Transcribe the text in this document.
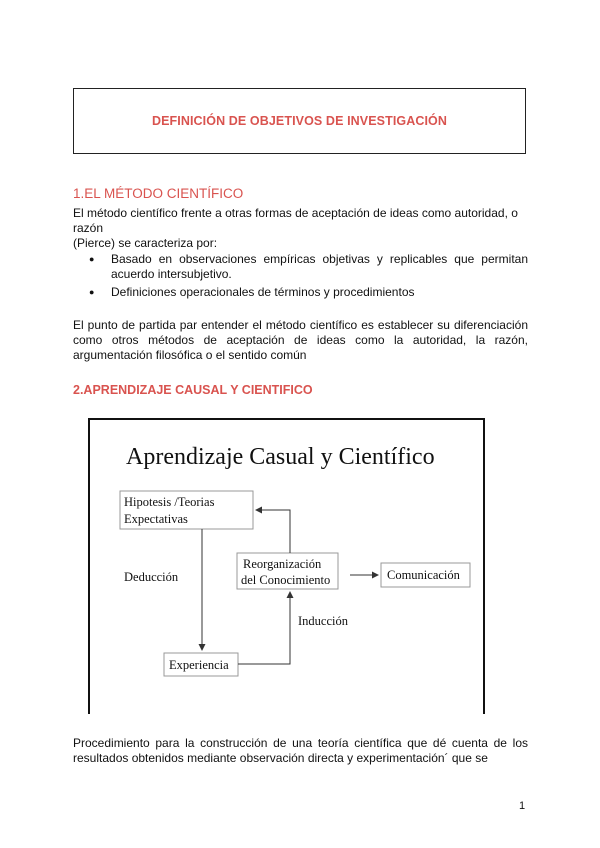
DEFINICIÓN DE OBJETIVOS DE INVESTIGACIÓN
1.EL MÉTODO CIENTÍFICO
El método científico frente a otras formas de aceptación de ideas como autoridad, o
razón
(Pierce) se caracteriza por:
● Basado en observaciones empíricas objetivas y replicables que permitan acuerdo intersubjetivo.
● Definiciones operacionales de términos y procedimientos
El punto de partida par entender el método científico es establecer su diferenciación como otros métodos de aceptación de ideas como la autoridad, la razón, argumentación filosófica o el sentido común
2.APRENDIZAJE CAUSAL Y CIENTIFICO
Aprendizaje Casual y Científico
Hipotesis /Teorias
Expectativas
Reorganización
del Conocimiento	Comunicación
Experiencia
Deducción
Inducción
Procedimiento para la construcción de una teoría científica que dé cuenta de los resultados obtenidos mediante observación directa y experimentación´ que se
1
